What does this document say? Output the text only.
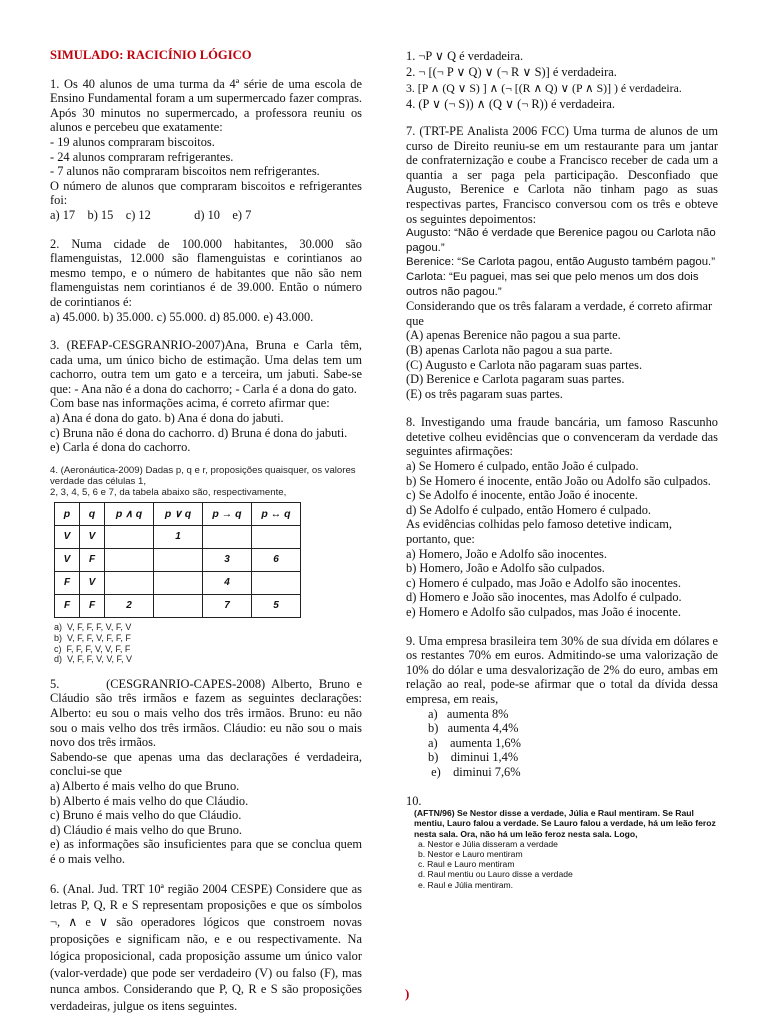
SIMULADO: RACICÍNIO LÓGICO
1. Os 40 alunos de uma turma da 4ª série de uma escola de Ensino Fundamental foram a um supermercado fazer compras. Após 30 minutos no supermercado, a professora reuniu os alunos e percebeu que exatamente:
- 19 alunos compraram biscoitos.
- 24 alunos compraram refrigerantes.
- 7 alunos não compraram biscoitos nem refrigerantes.
O número de alunos que compraram biscoitos e refrigerantes foi:
a) 17    b) 15    c) 12              d) 10    e) 7
2. Numa cidade de 100.000 habitantes, 30.000 são flamenguistas, 12.000 são flamenguistas e corintianos ao mesmo tempo, e o número de habitantes que não são nem flamenguistas nem corintianos é de 39.000. Então o número de corintianos é:
a) 45.000. b) 35.000. c) 55.000. d) 85.000. e) 43.000.
3. (REFAP-CESGRANRIO-2007)Ana, Bruna e Carla têm, cada uma, um único bicho de estimação. Uma delas tem um cachorro, outra tem um gato e a terceira, um jabuti. Sabe-se que: - Ana não é a dona do cachorro; - Carla é a dona do gato.
Com base nas informações acima, é correto afirmar que:
a) Ana é dona do gato. b) Ana é dona do jabuti.
c) Bruna não é dona do cachorro. d) Bruna é dona do jabuti.
e) Carla é dona do cachorro.
4. (Aeronáutica-2009) Dadas p, q e r, proposições quaisquer, os valores verdade das células 1,
2, 3, 4, 5, 6 e 7, da tabela abaixo são, respectivamente,
p	q	p ∧ q	p ∨ q	p → q	p ↔ q
V	V		1		
V	F			3	6
F	V			4	
F	F	2		7	5
a)  V, F, F, F, V, F, V
b)  V, F, F, V, F, F, F
c)  F, F, F, V, V, F, F
d)  V, F, F, V, V, F, V
5.       (CESGRANRIO-CAPES-2008) Alberto, Bruno e Cláudio são três irmãos e fazem as seguintes declarações: Alberto: eu sou o mais velho dos três irmãos. Bruno: eu não sou o mais velho dos três irmãos. Cláudio: eu não sou o mais novo dos três irmãos.
Sabendo-se que apenas uma das declarações é verdadeira, conclui-se que
a) Alberto é mais velho do que Bruno.
b) Alberto é mais velho do que Cláudio.
c) Bruno é mais velho do que Cláudio.
d) Cláudio é mais velho do que Bruno.
e) as informações são insuficientes para que se conclua quem é o mais velho.
6. (Anal. Jud. TRT 10ª região 2004 CESPE) Considere que as letras P, Q, R e S representam proposições e que os símbolos ¬, ∧ e ∨ são operadores lógicos que constroem novas proposições e significam não, e e ou respectivamente. Na lógica proposicional, cada proposição assume um único valor (valor-verdade) que pode ser verdadeiro (V) ou falso (F), mas nunca ambos. Considerando que P, Q, R e S são proposições verdadeiras, julgue os itens seguintes.
1. ¬P ∨ Q é verdadeira.
2. ¬ [(¬ P ∨ Q) ∨ (¬ R ∨ S)] é verdadeira.
3. [P ∧ (Q ∨ S) ] ∧ (¬ [(R ∧ Q) ∨ (P ∧ S)] ) é verdadeira.
4. (P ∨ (¬ S)) ∧ (Q ∨ (¬ R)) é verdadeira.
7. (TRT-PE Analista 2006 FCC) Uma turma de alunos de um curso de Direito reuniu-se em um restaurante para um jantar de confraternização e coube a Francisco receber de cada um a quantia a ser paga pela participação. Desconfiado que Augusto, Berenice e Carlota não tinham pago as suas respectivas partes, Francisco conversou com os três e obteve os seguintes depoimentos:
Augusto: “Não é verdade que Berenice pagou ou Carlota não pagou.”
Berenice: “Se Carlota pagou, então Augusto também pagou.”
Carlota: “Eu paguei, mas sei que pelo menos um dos dois outros não pagou.”
Considerando que os três falaram a verdade, é correto afirmar que
(A) apenas Berenice não pagou a sua parte.
(B) apenas Carlota não pagou a sua parte.
(C) Augusto e Carlota não pagaram suas partes.
(D) Berenice e Carlota pagaram suas partes.
(E) os três pagaram suas partes.
8. Investigando uma fraude bancária, um famoso Rascunho detetive colheu evidências que o convenceram da verdade das seguintes afirmações:
a) Se Homero é culpado, então João é culpado.
b) Se Homero é inocente, então João ou Adolfo são culpados.
c) Se Adolfo é inocente, então João é inocente.
d) Se Adolfo é culpado, então Homero é culpado.
As evidências colhidas pelo famoso detetive indicam, portanto, que:
a) Homero, João e Adolfo são inocentes.
b) Homero, João e Adolfo são culpados.
c) Homero é culpado, mas João e Adolfo são inocentes.
d) Homero e João são inocentes, mas Adolfo é culpado.
e) Homero e Adolfo são culpados, mas João é inocente.
9. Uma empresa brasileira tem 30% de sua dívida em dólares e os restantes 70% em euros. Admitindo-se uma valorização de 10% do dólar e uma desvalorização de 2% do euro, ambas em relação ao real, pode-se afirmar que o total da dívida dessa empresa, em reais,
a)   aumenta 8%
b)   aumenta 4,4%
a)    aumenta 1,6%
b)    diminui 1,4%
e)    diminui 7,6%
10.
(AFTN/96) Se Nestor disse a verdade, Júlia e Raul mentiram. Se Raul mentiu, Lauro falou a verdade. Se Lauro falou a verdade, há um leão feroz nesta sala. Ora, não há um leão feroz nesta sala. Logo,
a. Nestor e Júlia disseram a verdade
b. Nestor e Lauro mentiram
c. Raul e Lauro mentiram
d. Raul mentiu ou Lauro disse a verdade
e. Raul e Júlia mentiram.
)
